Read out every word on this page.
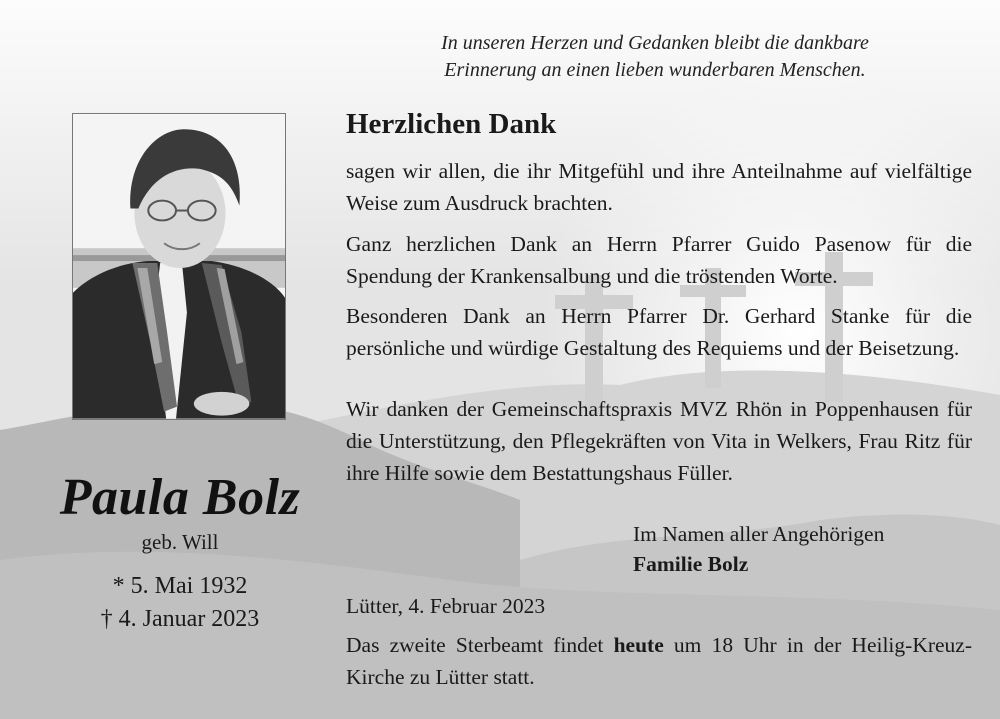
In unseren Herzen und Gedanken bleibt die dankbare
Erinnerung an einen lieben wunderbaren Menschen.
Paula Bolz
geb. Will
* 5. Mai 1932
† 4. Januar 2023
Herzlichen Dank
sagen wir allen, die ihr Mitgefühl und ihre Anteilnahme auf vielfältige Weise zum Ausdruck brachten.
Ganz herzlichen Dank an Herrn Pfarrer Guido Pasenow für die Spendung der Krankensalbung und die tröstenden Worte.
Besonderen Dank an Herrn Pfarrer Dr. Gerhard Stanke für die persönliche und würdige Gestaltung des Requiems und der Beisetzung.
Wir danken der Gemeinschaftspraxis MVZ Rhön in Poppenhausen für die Unterstützung, den Pflegekräften von Vita in Welkers, Frau Ritz für ihre Hilfe sowie dem Bestattungshaus Füller.
Im Namen aller Angehörigen
Familie Bolz
Lütter, 4. Februar 2023
Das zweite Sterbeamt findet heute um 18 Uhr in der Heilig-Kreuz-Kirche zu Lütter statt.
